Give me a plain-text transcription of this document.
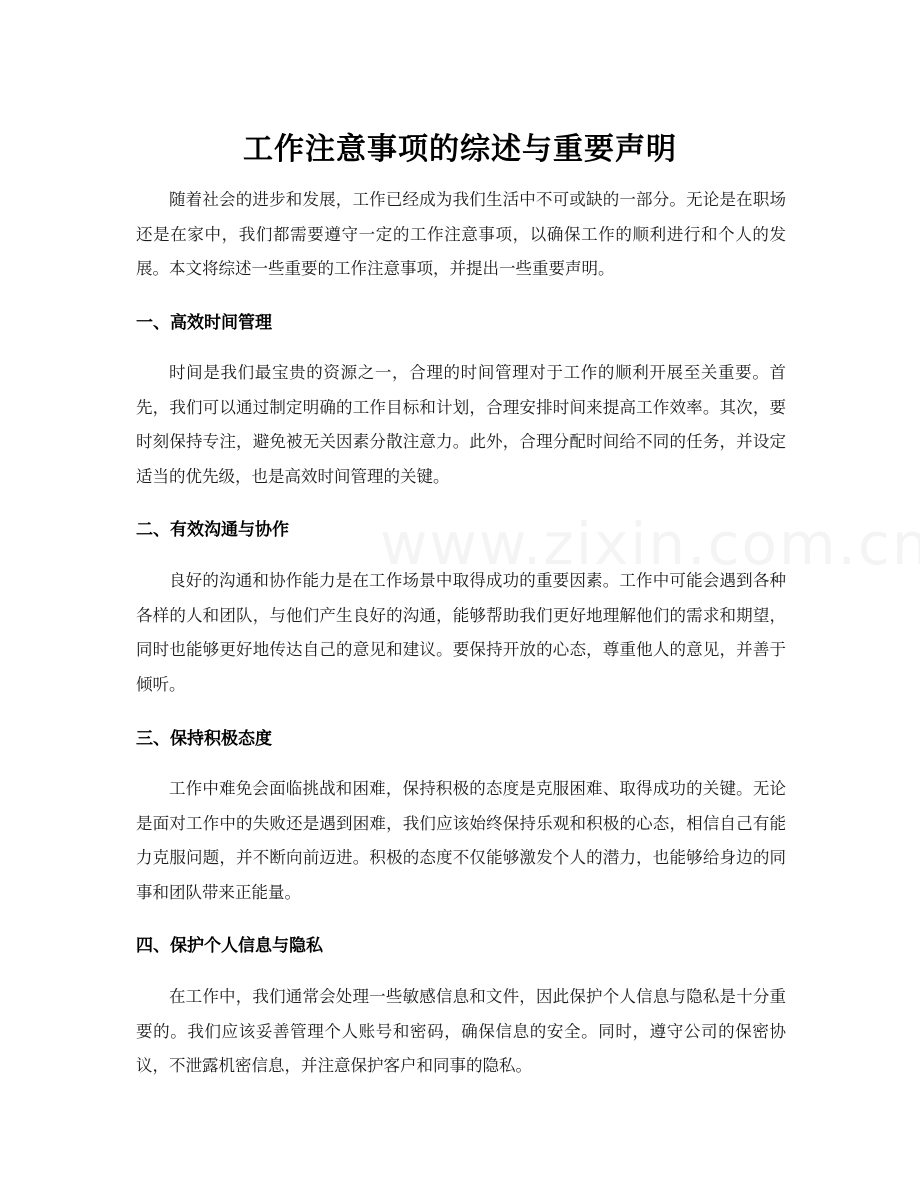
工作注意事项的综述与重要声明

随着社会的进步和发展，工作已经成为我们生活中不可或缺的一部分。无论是在职场还是在家中，我们都需要遵守一定的工作注意事项，以确保工作的顺利进行和个人的发展。本文将综述一些重要的工作注意事项，并提出一些重要声明。

一、高效时间管理

时间是我们最宝贵的资源之一，合理的时间管理对于工作的顺利开展至关重要。首先，我们可以通过制定明确的工作目标和计划，合理安排时间来提高工作效率。其次，要时刻保持专注，避免被无关因素分散注意力。此外，合理分配时间给不同的任务，并设定适当的优先级，也是高效时间管理的关键。

二、有效沟通与协作

良好的沟通和协作能力是在工作场景中取得成功的重要因素。工作中可能会遇到各种各样的人和团队，与他们产生良好的沟通，能够帮助我们更好地理解他们的需求和期望，同时也能够更好地传达自己的意见和建议。要保持开放的心态，尊重他人的意见，并善于倾听。

三、保持积极态度

工作中难免会面临挑战和困难，保持积极的态度是克服困难、取得成功的关键。无论是面对工作中的失败还是遇到困难，我们应该始终保持乐观和积极的心态，相信自己有能力克服问题，并不断向前迈进。积极的态度不仅能够激发个人的潜力，也能够给身边的同事和团队带来正能量。

四、保护个人信息与隐私

在工作中，我们通常会处理一些敏感信息和文件，因此保护个人信息与隐私是十分重要的。我们应该妥善管理个人账号和密码，确保信息的安全。同时，遵守公司的保密协议，不泄露机密信息，并注意保护客户和同事的隐私。
